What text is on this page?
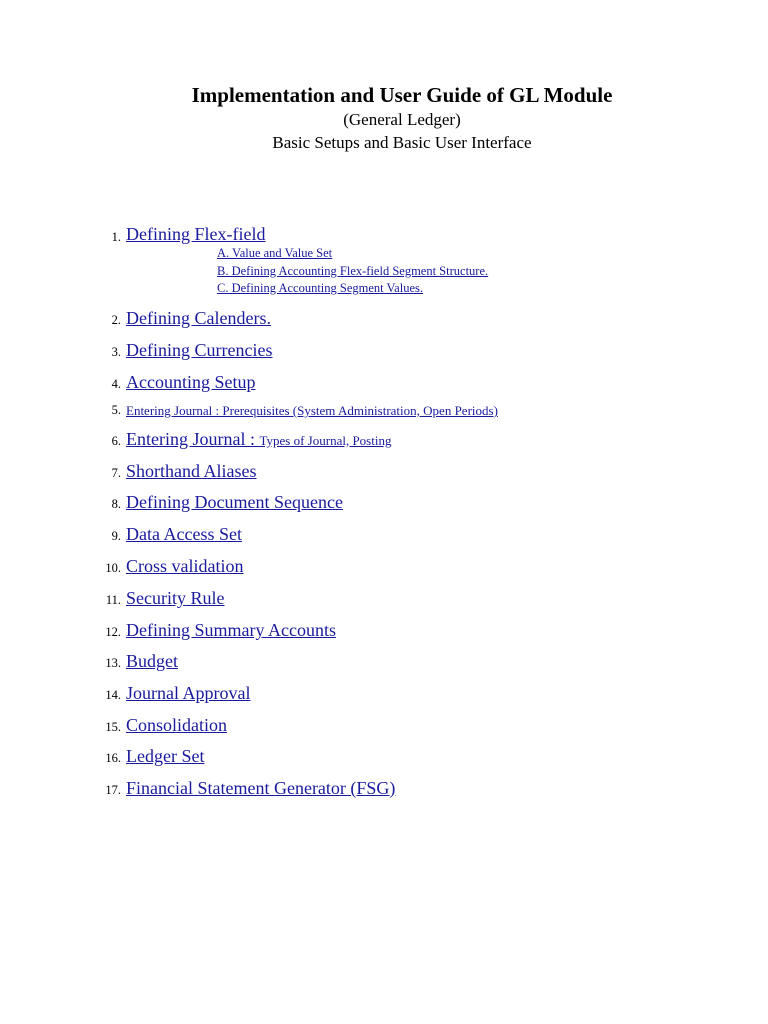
Implementation and User Guide of GL Module
(General Ledger)
Basic Setups and Basic User Interface
1. Defining Flex-field
A. Value and Value Set
B. Defining Accounting Flex-field Segment Structure.
C. Defining Accounting Segment Values.
2. Defining Calenders.
3. Defining Currencies
4. Accounting Setup
5. Entering Journal : Prerequisites (System Administration, Open Periods)
6. Entering Journal : Types of Journal, Posting
7. Shorthand Aliases
8. Defining Document Sequence
9. Data Access Set
10. Cross validation
11. Security Rule
12. Defining Summary Accounts
13. Budget
14. Journal Approval
15. Consolidation
16. Ledger Set
17. Financial Statement Generator (FSG)
